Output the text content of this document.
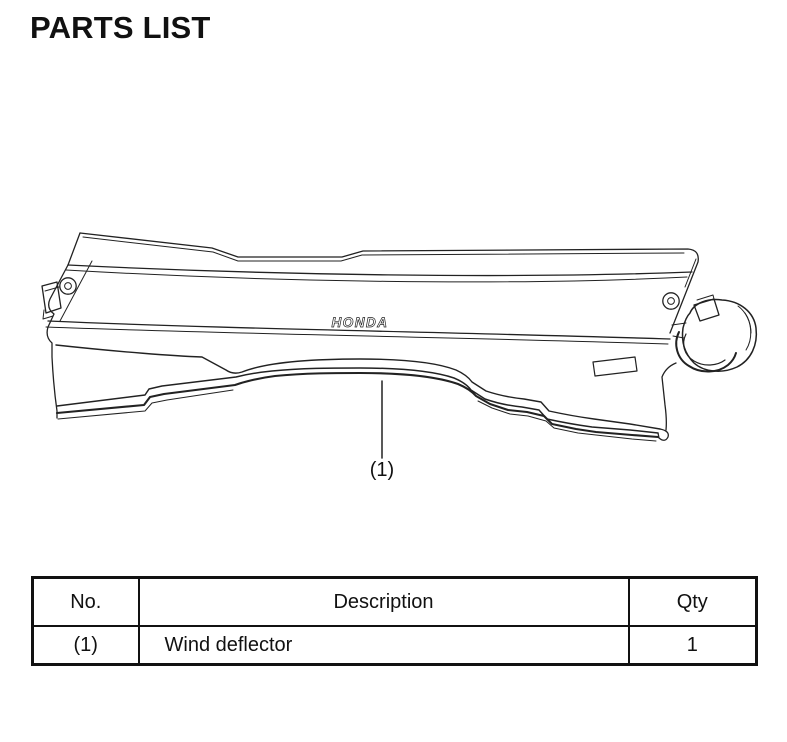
PARTS LIST
HONDA
(1)
No.	Description	Qty
(1)	Wind deflector	1
